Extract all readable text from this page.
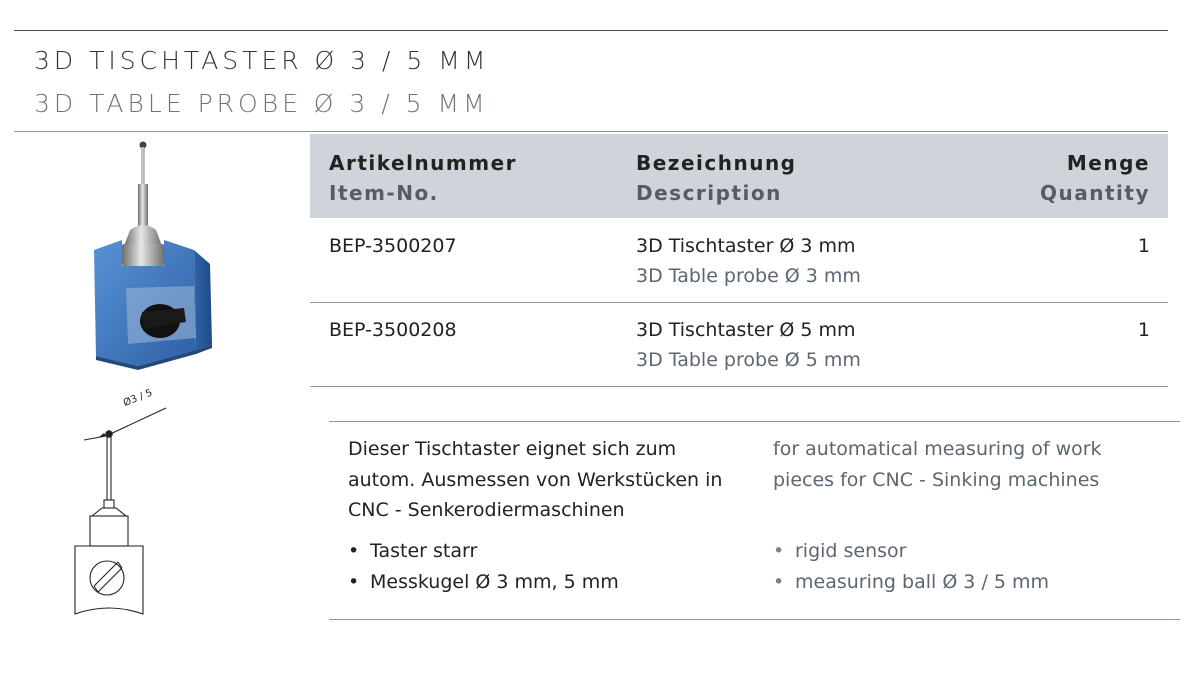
3D TISCHTASTER Ø 3 / 5 MM
3D TABLE PROBE Ø 3 / 5 MM
Ø3 / 5
Artikelnummer
Item-No.
Bezeichnung
Description
Menge
Quantity
BEP-3500207	3D Tischtaster Ø 3 mm
3D Table probe Ø 3 mm
1
BEP-3500208	3D Tischtaster Ø 5 mm
3D Table probe Ø 5 mm
1
Dieser Tischtaster eignet sich zum
autom. Ausmessen von Werkstücken in
CNC - Senkerodiermaschinen
for automatical measuring of work
pieces for CNC - Sinking machines
• Taster starr
• Messkugel Ø 3 mm, 5 mm
• rigid sensor
• measuring ball Ø 3 / 5 mm
